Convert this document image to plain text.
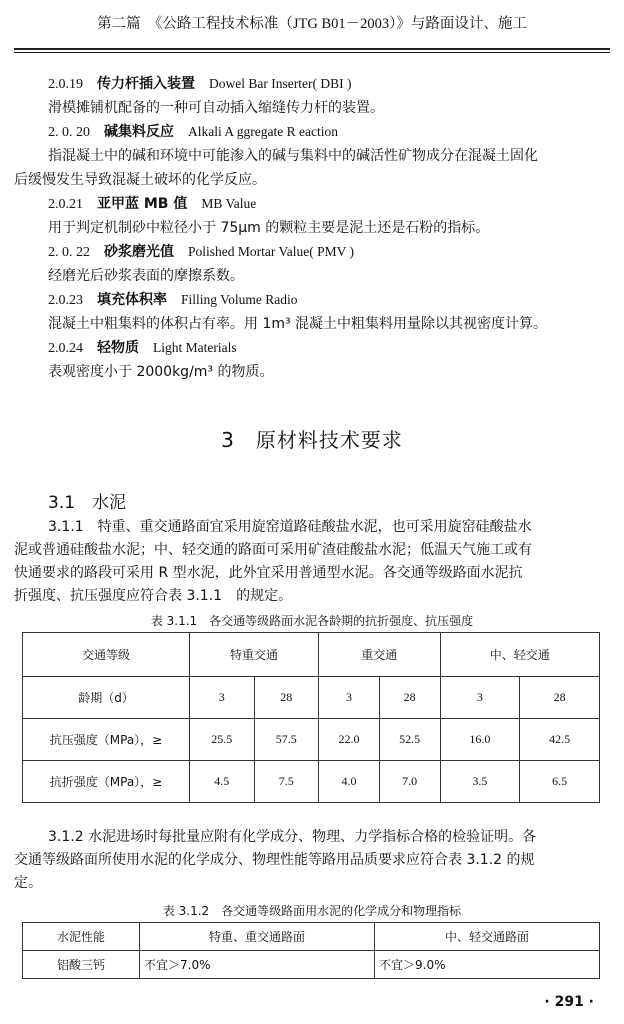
第二篇　《公路工程技术标准（JTG B01－2003）》与路面设计、施工
2.0.19　 传力杆插入装置　 Dowel Bar Inserter( DBI )
滑模摊铺机配备的一种可自动插入缩缝传力杆的装置。
2. 0. 20　 碱集料反应　 Alkali A ggregate R eaction
指混凝土中的碱和环境中可能渗入的碱与集料中的碱活性矿物成分在混凝土固化
后缓慢发生导致混凝土破坏的化学反应。
2.0.21　 亚甲蓝 MB 值　 MB Value
用于判定机制砂中粒径小于 75μm 的颗粒主要是泥土还是石粉的指标。
2. 0. 22　 砂浆磨光值　 Polished Mortar Value( PMV )
经磨光后砂浆表面的摩擦系数。
2.0.23　 填充体积率　 Filling Volume Radio
混凝土中粗集料的体积占有率。用 1m³ 混凝土中粗集料用量除以其视密度计算。
2.0.24　 轻物质　 Light Materials
表观密度小于 2000kg/m³ 的物质。
3　原材料技术要求
3.1　水泥
3.1.1　特重、重交通路面宜采用旋窑道路硅酸盐水泥，也可采用旋窑硅酸盐水
泥或普通硅酸盐水泥；中、轻交通的路面可采用矿渣硅酸盐水泥；低温天气施工或有
快通要求的路段可采用 R 型水泥，此外宜采用普通型水泥。各交通等级路面水泥抗
折强度、抗压强度应符合表 3.1.1　的规定。
表 3.1.1　各交通等级路面水泥各龄期的抗折强度、抗压强度
交通等级	特重交通		重交通		中、轻交通	
龄期（d）	3	28	3	28	3	28
抗压强度（MPa），≥	25.5	57.5	22.0	52.5	16.0	42.5
抗折强度（MPa），≥	4.5	7.5	4.0	7.0	3.5	6.5
3.1.2 水泥进场时每批量应附有化学成分、物理、力学指标合格的检验证明。各
交通等级路面所使用水泥的化学成分、物理性能等路用品质要求应符合表 3.1.2 的规
定。
表 3.1.2　各交通等级路面用水泥的化学成分和物理指标
水泥性能	特重、重交通路面	中、轻交通路面
铝酸三钙	不宜＞7.0%	不宜＞9.0%
· 291 ·
